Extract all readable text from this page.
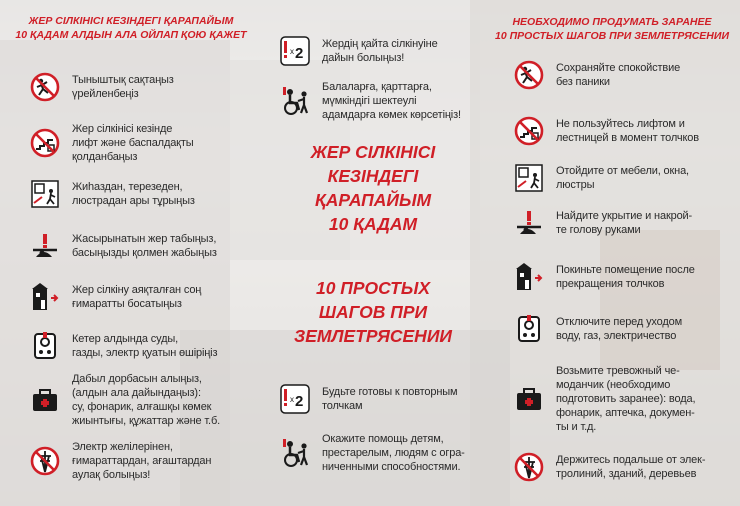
ЖЕР СІЛКІНІСІ КЕЗІНДЕГІ ҚАРАПАЙЫМ
10 ҚАДАМ АЛДЫН АЛА ОЙЛАП ҚОЮ ҚАЖЕТ
НЕОБХОДИМО ПРОДУМАТЬ ЗАРАНЕЕ
10 ПРОСТЫХ ШАГОВ ПРИ ЗЕМЛЕТРЯСЕНИИ
Тыныштық сақтаңыз
үрейленбеңіз
Жер сілкінісі кезінде
лифт және баспалдақты
қолданбаңыз
Жиhаздан, терезеден,
люстрадан ары тұрыңыз
Жасырынатын жер табыңыз,
басыңызды қолмен жабыңыз
Жер сілкіну аяқталған соң
ғимаратты босатыңыз
Кетер алдында суды,
газды, электр қуатын өшіріңіз
Дабыл дорбасын алыңыз,
(алдын ала дайындаңыз):
су, фонарик, алғашқы көмек
жиынтығы, құжаттар және т.б.
Электр желілерінен,
ғимараттардан, ағаштардан
аулақ болыңыз!
x 2
Жердің қайта сілкінуіне
дайын болыңыз!
Балаларға, қарттарға,
мүмкіндігі шектеулі
адамдарға көмек көрсетіңіз!
ЖЕР СІЛКІНІСІ
КЕЗІНДЕГІ
ҚАРАПАЙЫМ
10 ҚАДАМ
10 ПРОСТЫХ
ШАГОВ ПРИ
ЗЕМЛЕТРЯСЕНИИ
x 2
Будьте готовы к повторным
толчкам
Окажите помощь детям,
престарелым, людям с огра-
ниченными способностями.
Сохраняйте спокойствие
без паники
Не пользуйтесь лифтом и
лестницей в момент толчков
Отойдите от мебели, окна,
люстры
Найдите укрытие и накрой-
те голову руками
Покиньте помещение после
прекращения толчков
Отключите перед уходом
воду, газ, электричество
Возьмите тревожный че-
моданчик (необходимо
подготовить заранее): вода,
фонарик, аптечка, докумен-
ты и т.д.
Держитесь подальше от элек-
тролиний, зданий, деревьев
